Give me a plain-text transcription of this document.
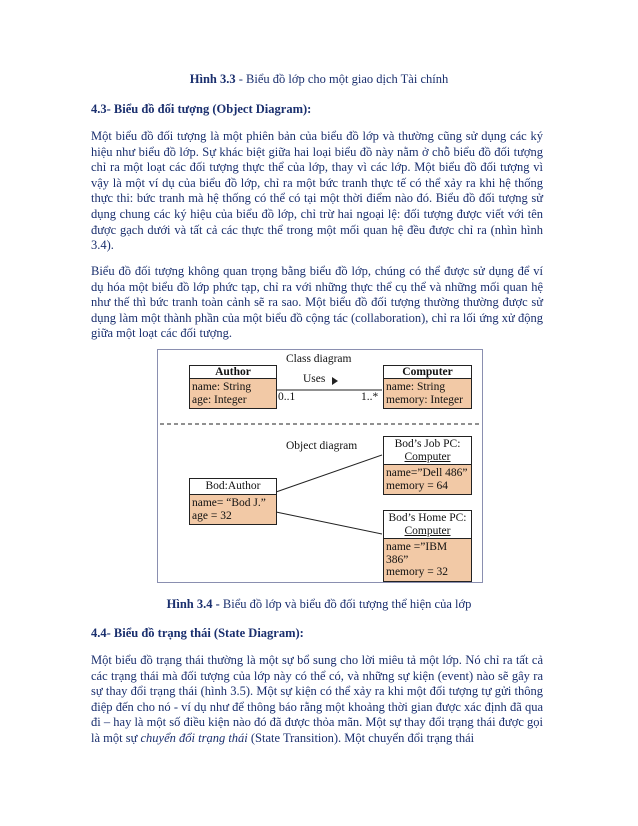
Hình 3.3 - Biểu đồ lớp cho một giao dịch Tài chính
4.3- Biểu đồ đối tượng (Object Diagram):
Một biểu đồ đối tượng là một phiên bản của biểu đồ lớp và thường cũng sử dụng các ký hiệu như biểu đồ lớp. Sự khác biệt giữa hai loại biểu đồ này nằm ở chỗ biểu đồ đối tượng chỉ ra một loạt các đối tượng thực thể của lớp, thay vì các lớp. Một biểu đồ đối tượng vì vậy là một ví dụ của biểu đồ lớp, chỉ ra một bức tranh thực tế có thể xảy ra khi hệ thống thực thi: bức tranh mà hệ thống có thể có tại một thời điểm nào đó. Biểu đồ đối tượng sử dụng chung các ký hiệu của biểu đồ lớp, chỉ trừ hai ngoại lệ: đối tượng được viết với tên được gạch dưới và tất cả các thực thể trong một mối quan hệ đều được chỉ ra (nhìn hình 3.4).
Biểu đồ đối tượng không quan trọng bằng biểu đồ lớp, chúng có thể được sử dụng để ví dụ hóa một biểu đồ lớp phức tạp, chỉ ra với những thực thể cụ thể và những mối quan hệ như thế thì bức tranh toàn cảnh sẽ ra sao. Một biểu đồ đối tượng thường thường được sử dụng làm một thành phần của một biểu đồ cộng tác (collaboration), chỉ ra lối ứng xử động giữa một loạt các đối tượng.
Class diagram
Uses
0..1	1..*
Object diagram
Author
name: String
age: Integer
Computer
name: String
memory: Integer
Bod:Author
name= “Bod J.”
age = 32
Bod’s Job PC:
Computer
name=”Dell 486”
memory = 64
Bod’s Home PC:
Computer
name =”IBM 386”
memory = 32
Hình 3.4 - Biểu đồ lớp và biểu đồ đối tượng thể hiện của lớp
4.4- Biểu đồ trạng thái (State Diagram):
Một biểu đồ trạng thái thường là một sự bổ sung cho lời miêu tả một lớp. Nó chỉ ra tất cả các trạng thái mà đối tượng của lớp này có thể có, và những sự kiện (event) nào sẽ gây ra sự thay đổi trạng thái (hình 3.5). Một sự kiện có thể xảy ra khi một đối tượng tự gửi thông điệp đến cho nó - ví dụ như để thông báo rằng một khoảng thời gian được xác định đã qua đi – hay là một số điều kiện nào đó đã được thỏa mãn. Một sự thay đổi trạng thái được gọi là một sự chuyển đổi trạng thái (State Transition). Một chuyển đổi trạng thái
